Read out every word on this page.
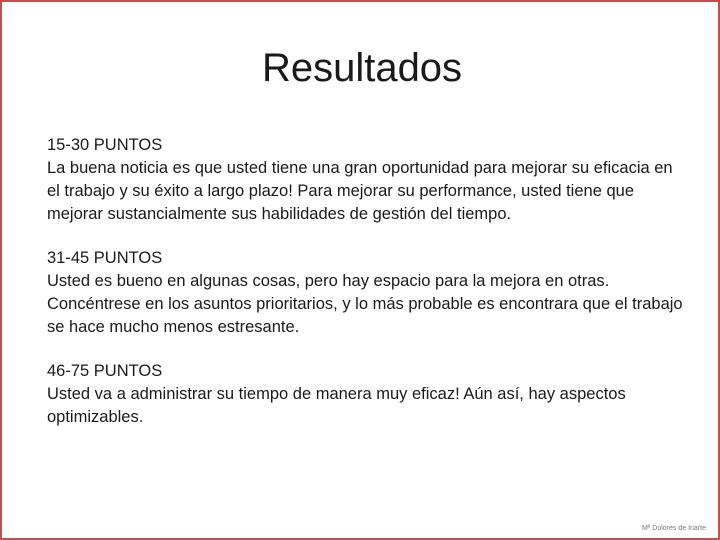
Resultados
15-30 PUNTOS
La buena noticia es que usted tiene una gran oportunidad para mejorar su eficacia en el trabajo y su éxito a largo plazo! Para mejorar su performance, usted tiene que mejorar sustancialmente sus habilidades de gestión del tiempo.
31-45 PUNTOS
Usted es bueno en algunas cosas, pero hay espacio para la mejora en otras. Concéntrese en los asuntos prioritarios, y lo más probable es encontrara que el trabajo se hace mucho menos estresante.
46-75 PUNTOS
Usted va a administrar su tiempo de manera muy eficaz! Aún así, hay aspectos optimizables.
Mª Dolores de Iriarte
